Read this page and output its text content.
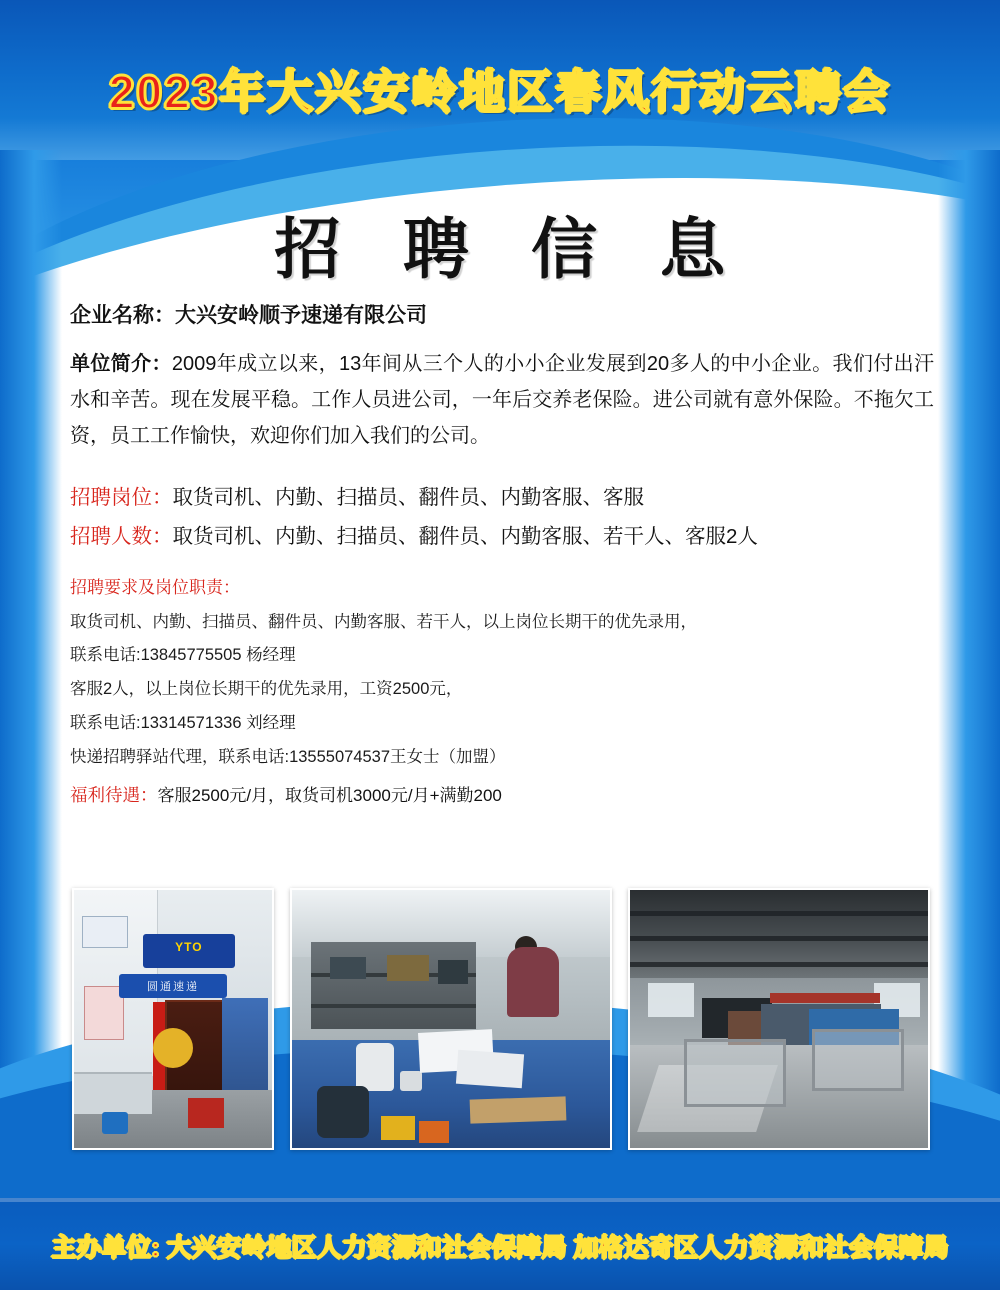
2023年大兴安岭地区春风行动云聘会
招 聘 信 息
企业名称：大兴安岭顺予速递有限公司
单位简介：2009年成立以来，13年间从三个人的小小企业发展到20多人的中小企业。我们付出汗水和辛苦。现在发展平稳。工作人员进公司，一年后交养老保险。进公司就有意外保险。不拖欠工资，员工工作愉快，欢迎你们加入我们的公司。
招聘岗位：取货司机、内勤、扫描员、翻件员、内勤客服、客服
招聘人数：取货司机、内勤、扫描员、翻件员、内勤客服、若干人、客服2人
招聘要求及岗位职责：
取货司机、内勤、扫描员、翻件员、内勤客服、若干人，以上岗位长期干的优先录用，
联系电话:13845775505 杨经理
客服2人，以上岗位长期干的优先录用，工资2500元，
联系电话:13314571336 刘经理
快递招聘驿站代理，联系电话:13555074537王女士（加盟）
福利待遇：客服2500元/月，取货司机3000元/月+满勤200
YTO
圆通速递
主办单位: 大兴安岭地区人力资源和社会保障局 加格达奇区人力资源和社会保障局
